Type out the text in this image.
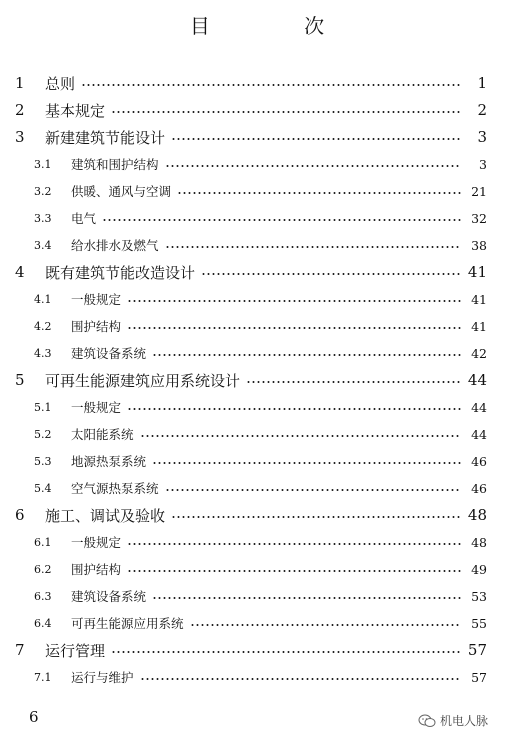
目 次
1	总则	1
2	基本规定	2
3	新建建筑节能设计	3
3.1	建筑和围护结构	3
3.2	供暖、通风与空调	21
3.3	电气	32
3.4	给水排水及燃气	38
4	既有建筑节能改造设计	41
4.1	一般规定	41
4.2	围护结构	41
4.3	建筑设备系统	42
5	可再生能源建筑应用系统设计	44
5.1	一般规定	44
5.2	太阳能系统	44
5.3	地源热泵系统	46
5.4	空气源热泵系统	46
6	施工、调试及验收	48
6.1	一般规定	48
6.2	围护结构	49
6.3	建筑设备系统	53
6.4	可再生能源应用系统	55
7	运行管理	57
7.1	运行与维护	57
6	机电人脉
